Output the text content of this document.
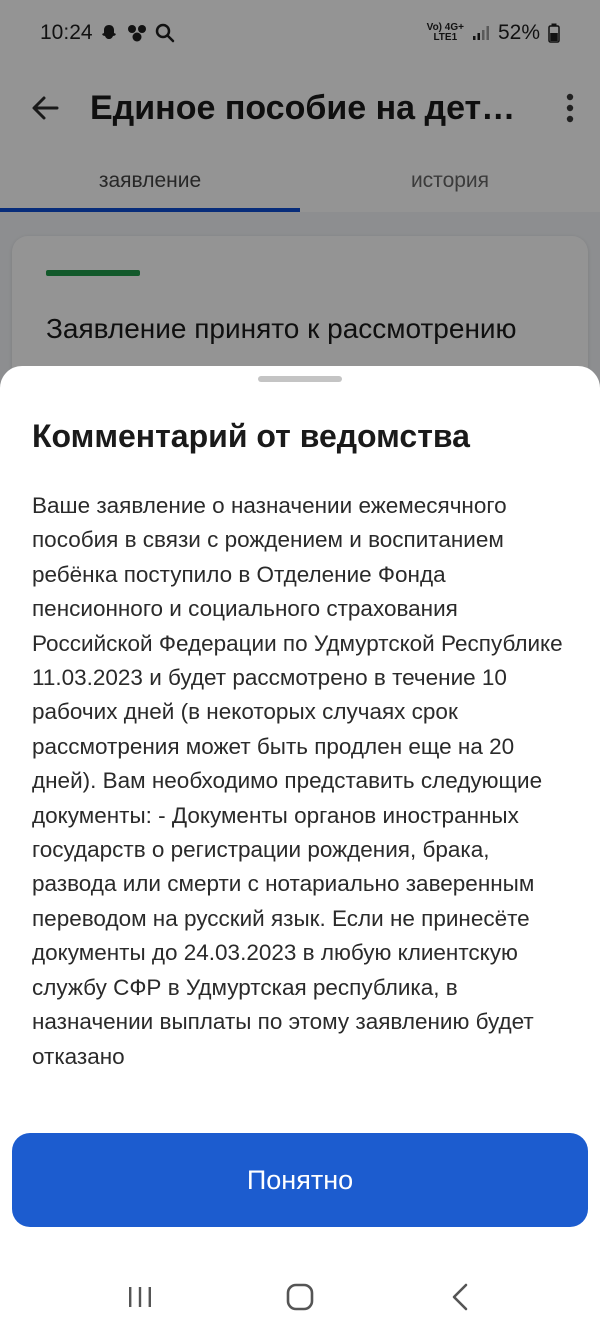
10:24	Vo) 4G+
LTE1 52%
Единое пособие на дет…
заявление	история
Заявление принято к рассмотрению
Комментарий от ведомства
Ваше заявление о назначении ежемесячного пособия в связи с рождением и воспитанием ребёнка поступило в Отделение Фонда пенсионного и социального страхования Российской Федерации по Удмуртской Республике 11.03.2023 и будет рассмотрено в течение 10 рабочих дней (в некоторых случаях срок рассмотрения может быть продлен еще на 20 дней). Вам необходимо представить следующие документы: - Документы органов иностранных государств о регистрации рождения, брака, развода или смерти с нотариально заверенным переводом на русский язык. Если не принесёте документы до 24.03.2023 в любую клиентскую службу СФР в Удмуртская республика, в назначении выплаты по этому заявлению будет отказано
Понятно
